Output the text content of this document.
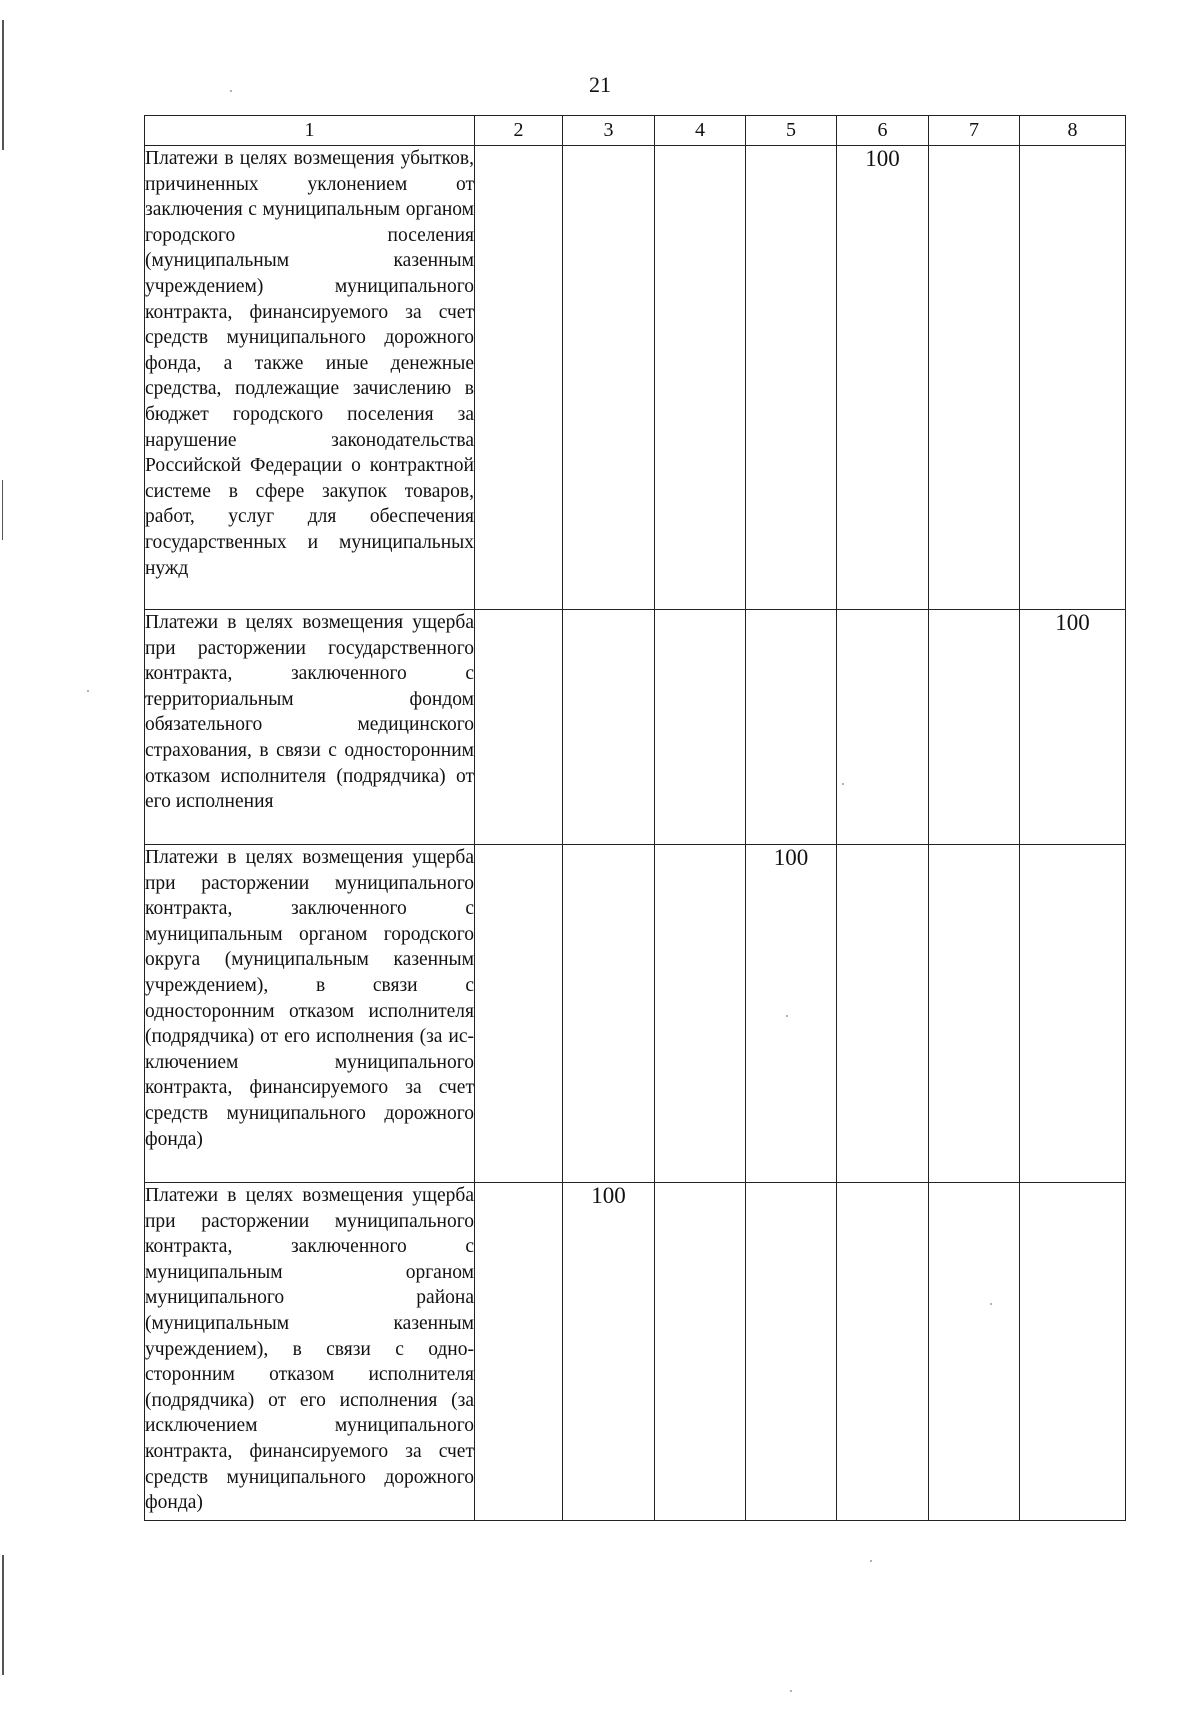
21
1	2	3	4	5	6	7	8
Платежи в целях возмещения убытков, причиненных уклонением от заключения с муниципальным органом городского поселения (муниципальным казенным учреждением) муниципального контракта, финансируемого за счет средств муниципального дорожного фонда, а также иные денежные средства, подлежащие зачислению в бюджет городского поселения за нарушение законодательства Российской Федерации о контрактной системе в сфере закупок товаров, работ, услуг для обеспечения государственных и муниципальных нужд					100		
Платежи в целях возмещения ущерба при расторжении государственного контракта, заключенного с территориальным фондом обязательного медицинского страхования, в связи с односторонним отказом исполнителя (подрядчика) от его исполнения							100
Платежи в целях возмещения ущерба при расторжении муниципального контракта, заключенного с муниципальным органом городского округа (муниципальным казенным учреждением), в связи с односторонним отказом исполнителя (подрядчика) от его исполнения (за исключением муниципального контракта, финансируемого за счет средств муниципального дорожного фонда)				100			
Платежи в целях возмещения ущерба при расторжении муниципального контракта, заключенного с муниципальным органом муниципального района (муниципальным казенным учреждением), в связи с односторонним отказом исполнителя (подрядчика) от его исполнения (за исключением муниципального контракта, финансируемого за счет средств муниципального дорожного фонда)		100					
